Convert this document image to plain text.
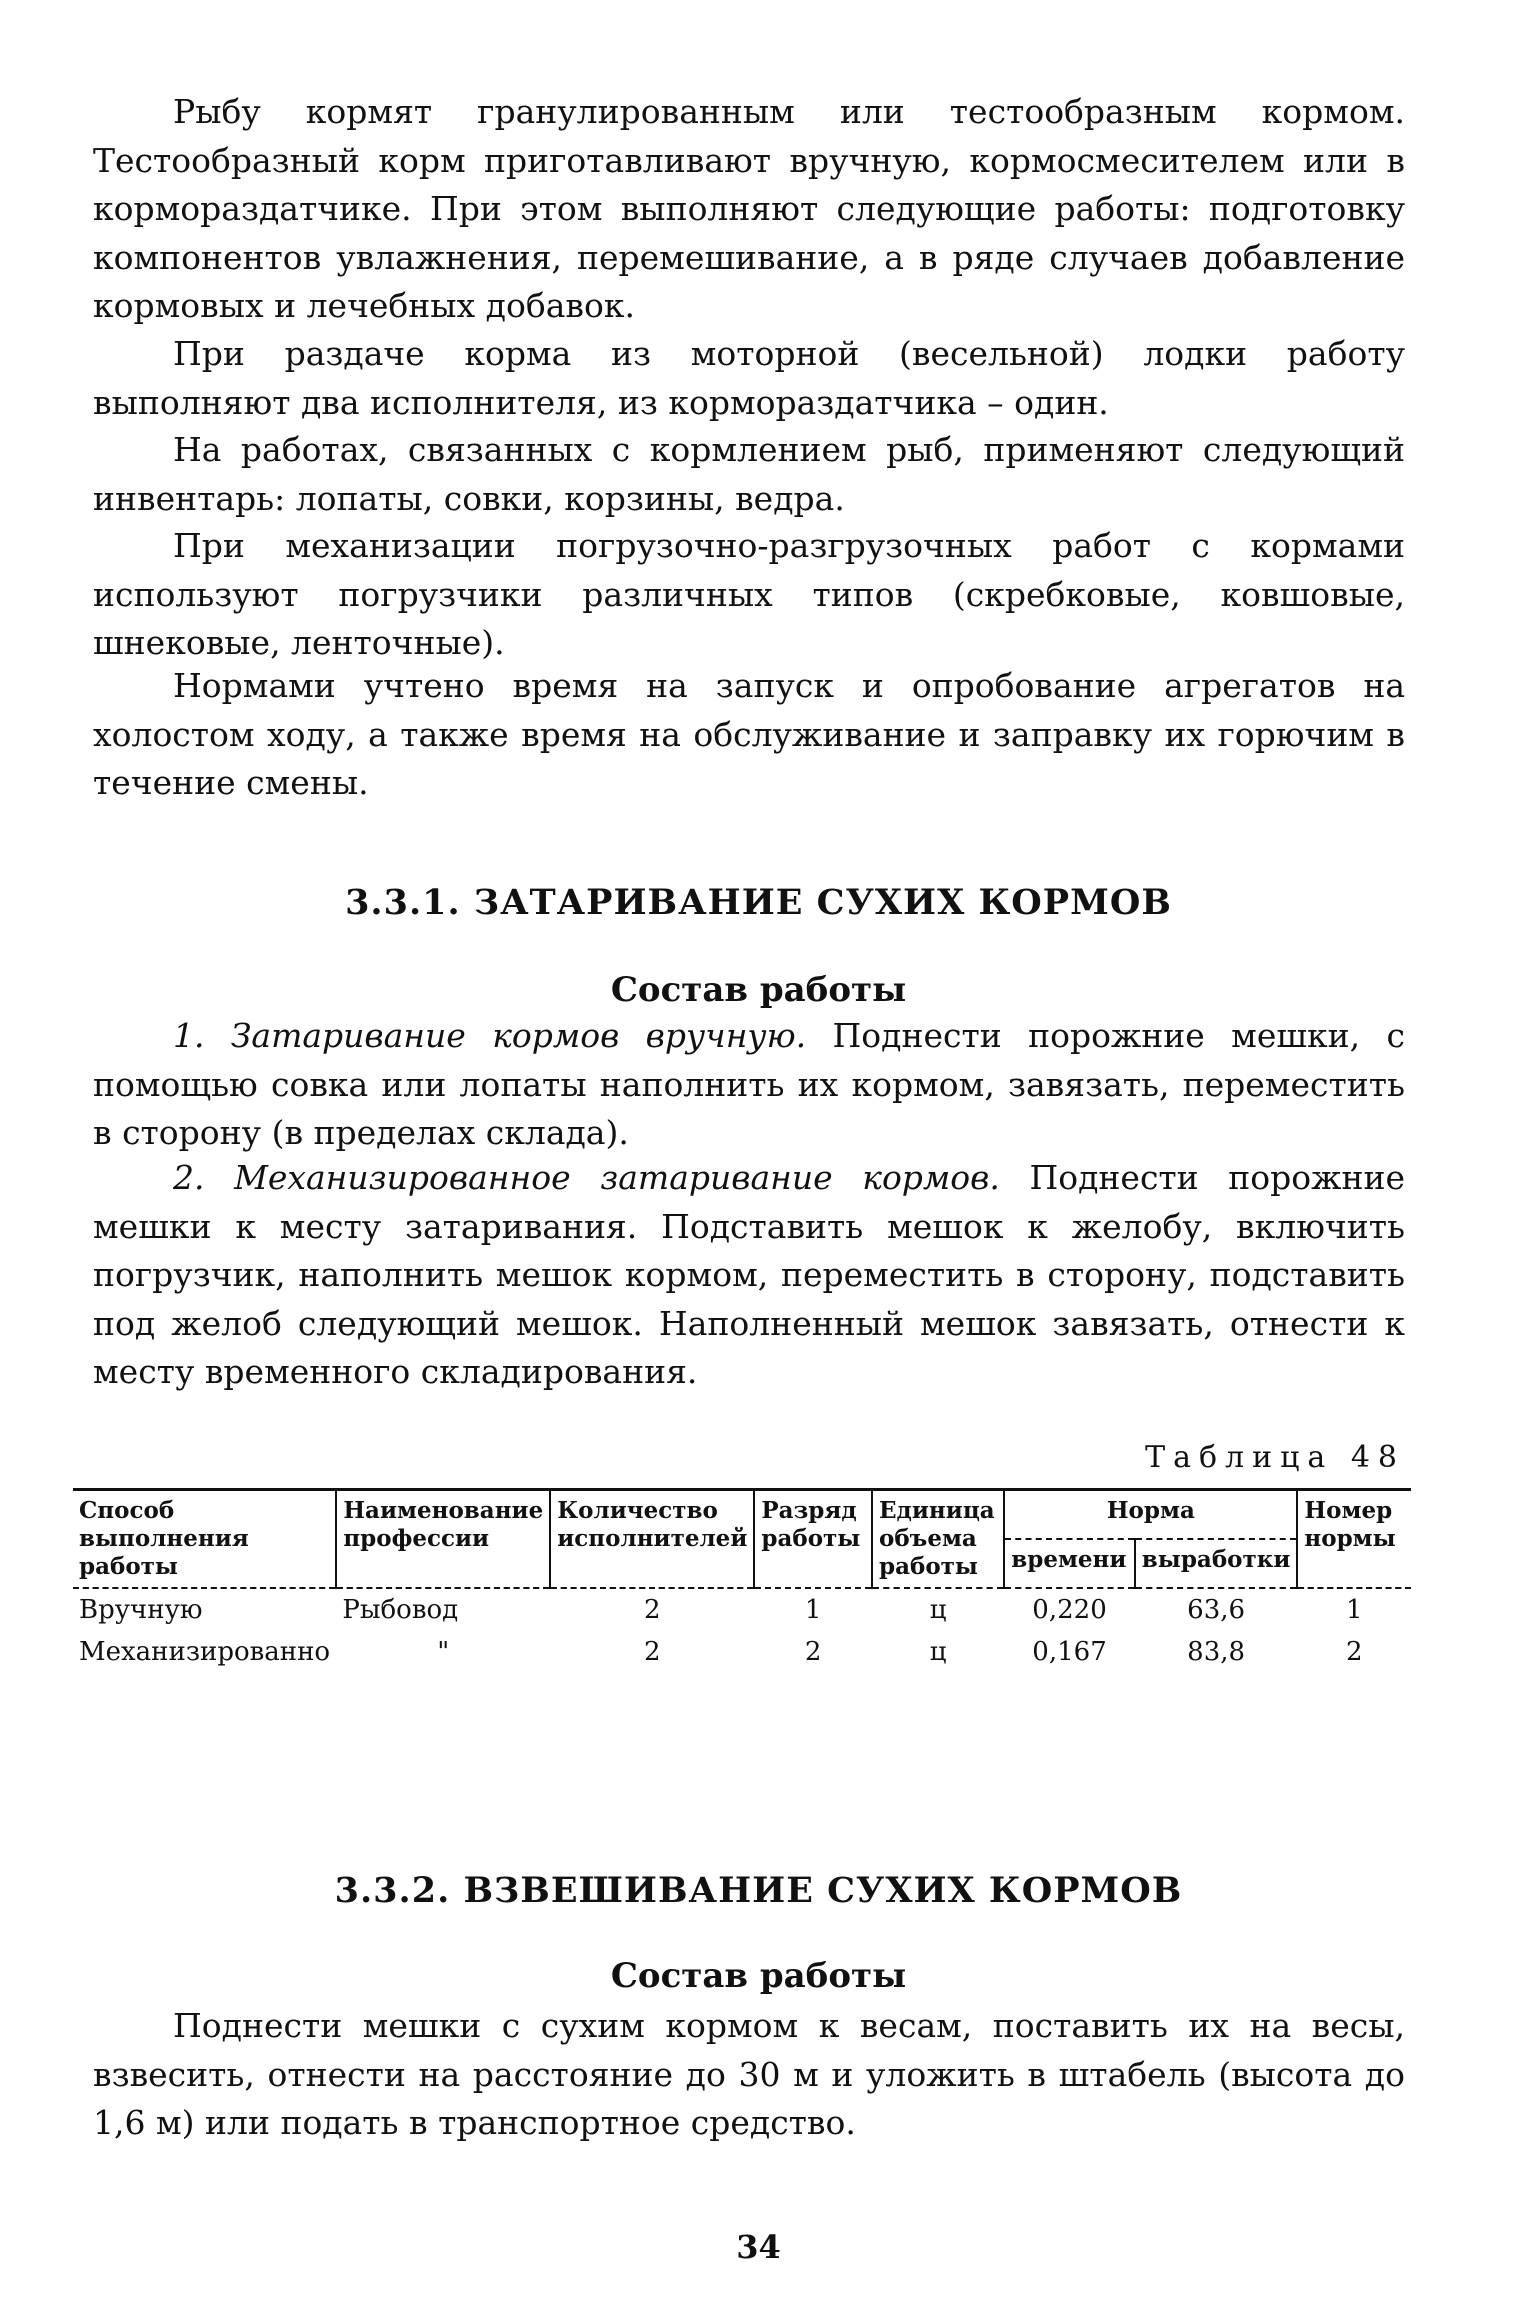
Рыбу кормят гранулированным или тестообразным кормом. Тестообразный корм приготавливают вручную, кормосмесителем или в кормораздатчике. При этом выполняют следующие работы: подготовку компонентов увлажнения, перемешивание, а в ряде случаев добавление кормовых и лечебных добавок.

При раздаче корма из моторной (весельной) лодки работу выполняют два исполнителя, из кормораздатчика – один.

На работах, связанных с кормлением рыб, применяют следующий инвентарь: лопаты, совки, корзины, ведра.

При механизации погрузочно-разгрузочных работ с кормами используют погрузчики различных типов (скребковые, ковшовые, шнековые, ленточные).

Нормами учтено время на запуск и опробование агрегатов на холостом ходу, а также время на обслуживание и заправку их горючим в течение смены.

3.3.1. ЗАТАРИВАНИЕ СУХИХ КОРМОВ
Состав работы

1. Затаривание кормов вручную. Поднести порожние мешки, с помощью совка или лопаты наполнить их кормом, завязать, переместить в сторону (в пределах склада).

2. Механизированное затаривание кормов. Поднести порожние мешки к месту затаривания. Подставить мешок к желобу, включить погрузчик, наполнить мешок кормом, переместить в сторону, подставить под желоб следующий мешок. Наполненный мешок завязать, отнести к месту временного складирования.

Таблица 48
Способ выполнения работы	Наименование профессии	Количество исполнителей	Разряд работы	Единица объема работы	Норма		Номер нормы
					времени	выработки	
Вручную	Рыбовод	2	1	ц	0,220	63,6	1
Механизированно	"	2	2	ц	0,167	83,8	2
3.3.2. ВЗВЕШИВАНИЕ СУХИХ КОРМОВ
Состав работы

Поднести мешки с сухим кормом к весам, поставить их на весы, взвесить, отнести на расстояние до 30 м и уложить в штабель (высота до 1,6 м) или подать в транспортное средство.

34
